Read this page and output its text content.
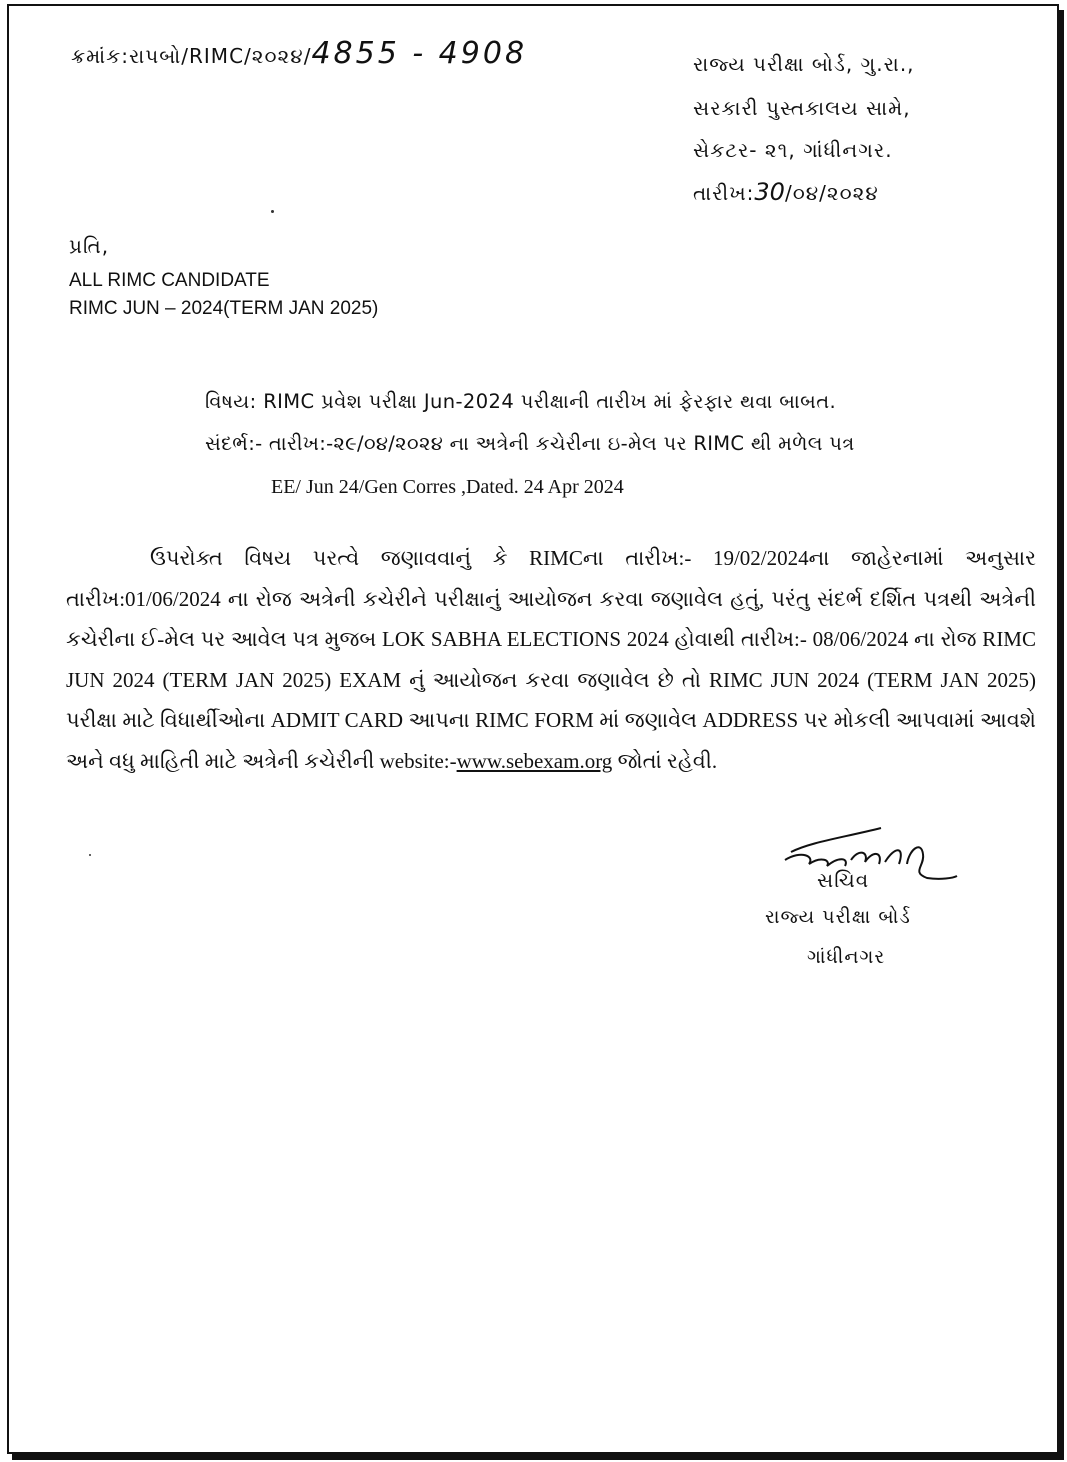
ક્રમાંક:રાપબો/RIMC/૨૦૨૪/4855 - 4908	રાજ્ય પરીક્ષા બોર્ડ, ગુ.રા.,
સરકારી પુસ્તકાલય સામે,
સેકટર- ૨૧, ગાંધીનગર.
તારીખ:30/૦૪/૨૦૨૪
પ્રતિ,
ALL RIMC CANDIDATE
RIMC JUN – 2024(TERM JAN 2025)
વિષય: RIMC પ્રવેશ પરીક્ષા Jun-2024 પરીક્ષાની તારીખ માં ફેરફાર થવા બાબત.
સંદર્ભ:- તારીખ:-૨૯/૦૪/૨૦૨૪ ના અત્રેની કચેરીના ઇ-મેલ પર RIMC થી મળેલ પત્ર
EE/ Jun 24/Gen Corres ,Dated. 24 Apr 2024
ઉપરોક્ત વિષય પરત્વે જણાવવાનું કે RIMCના તારીખ:- 19/02/2024ના જાહેરનામાં અનુસાર તારીખ:01/06/2024 ના રોજ અત્રેની કચેરીને પરીક્ષાનું આયોજન કરવા જણાવેલ હતું, પરંતુ સંદર્ભ દર્શિત પત્રથી અત્રેની કચેરીના ઈ-મેલ પર આવેલ પત્ર મુજબ LOK SABHA ELECTIONS 2024 હોવાથી તારીખ:- 08/06/2024 ના રોજ RIMC JUN 2024 (TERM JAN 2025) EXAM નું આયોજન કરવા જણાવેલ છે તો RIMC JUN 2024 (TERM JAN 2025) પરીક્ષા માટે વિધાર્થીઓના ADMIT CARD આપના RIMC FORM માં જણાવેલ ADDRESS પર મોકલી આપવામાં આવશે અને વધુ માહિતી માટે અત્રેની કચેરીની website:-www.sebexam.org જોતાં રહેવી.
સચિવ
રાજ્ય પરીક્ષા બોર્ડ
ગાંધીનગર
